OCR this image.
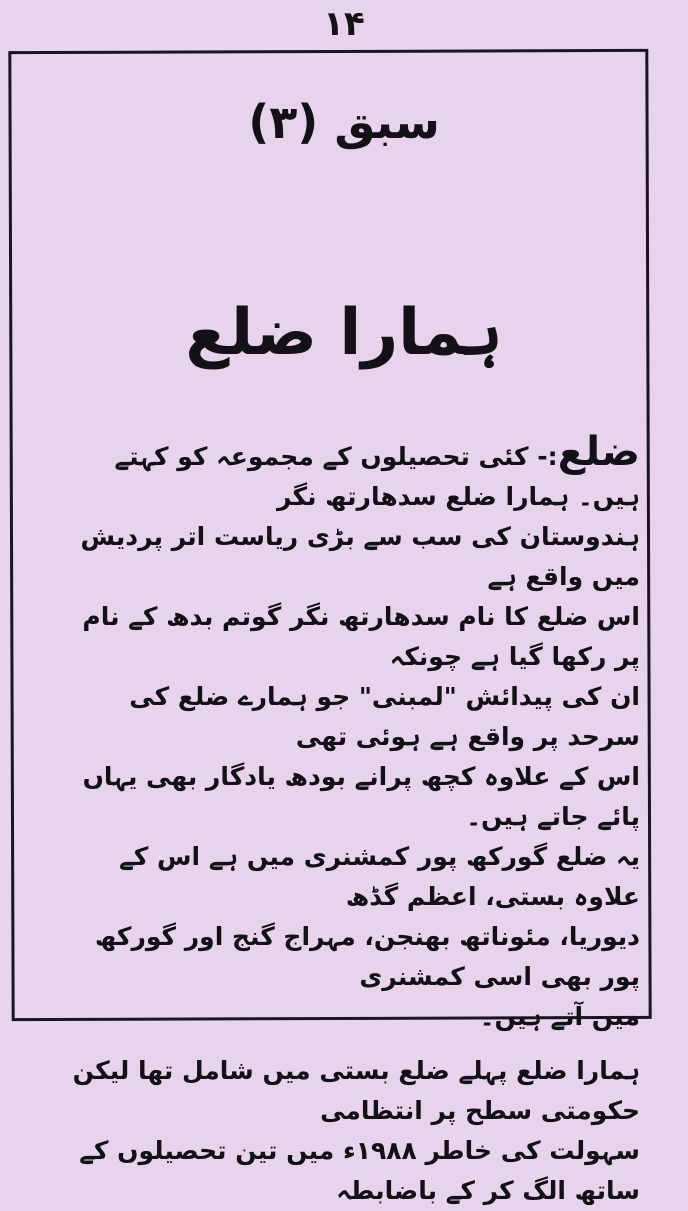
۱۴
سبق (۳)
ہمارا ضلع

ضلع:- کئی تحصیلوں کے مجموعہ کو کہتے ہیں۔ ہمارا ضلع سدھارتھ نگر
ہندوستان کی سب سے بڑی ریاست اتر پردیش میں واقع ہے
اس ضلع کا نام سدھارتھ نگر گوتم بدھ کے نام پر رکھا گیا ہے چونکہ
ان کی پیدائش "لمبنی" جو ہمارے ضلع کی سرحد پر واقع ہے ہوئی تھی
اس کے علاوہ کچھ پرانے بودھ یادگار بھی یہاں پائے جاتے ہیں۔

یہ ضلع گورکھ پور کمشنری میں ہے اس کے علاوہ بستی، اعظم گڈھ
دیوریا، مئوناتھ بھنجن، مہراج گنج اور گورکھ پور بھی اسی کمشنری
میں آتے ہیں۔

ہمارا ضلع پہلے ضلع بستی میں شامل تھا لیکن حکومتی سطح پر انتظامی
سہولت کی خاطر ۱۹۸۸ء میں تین تحصیلوں کے ساتھ الگ کر کے باضابطہ
